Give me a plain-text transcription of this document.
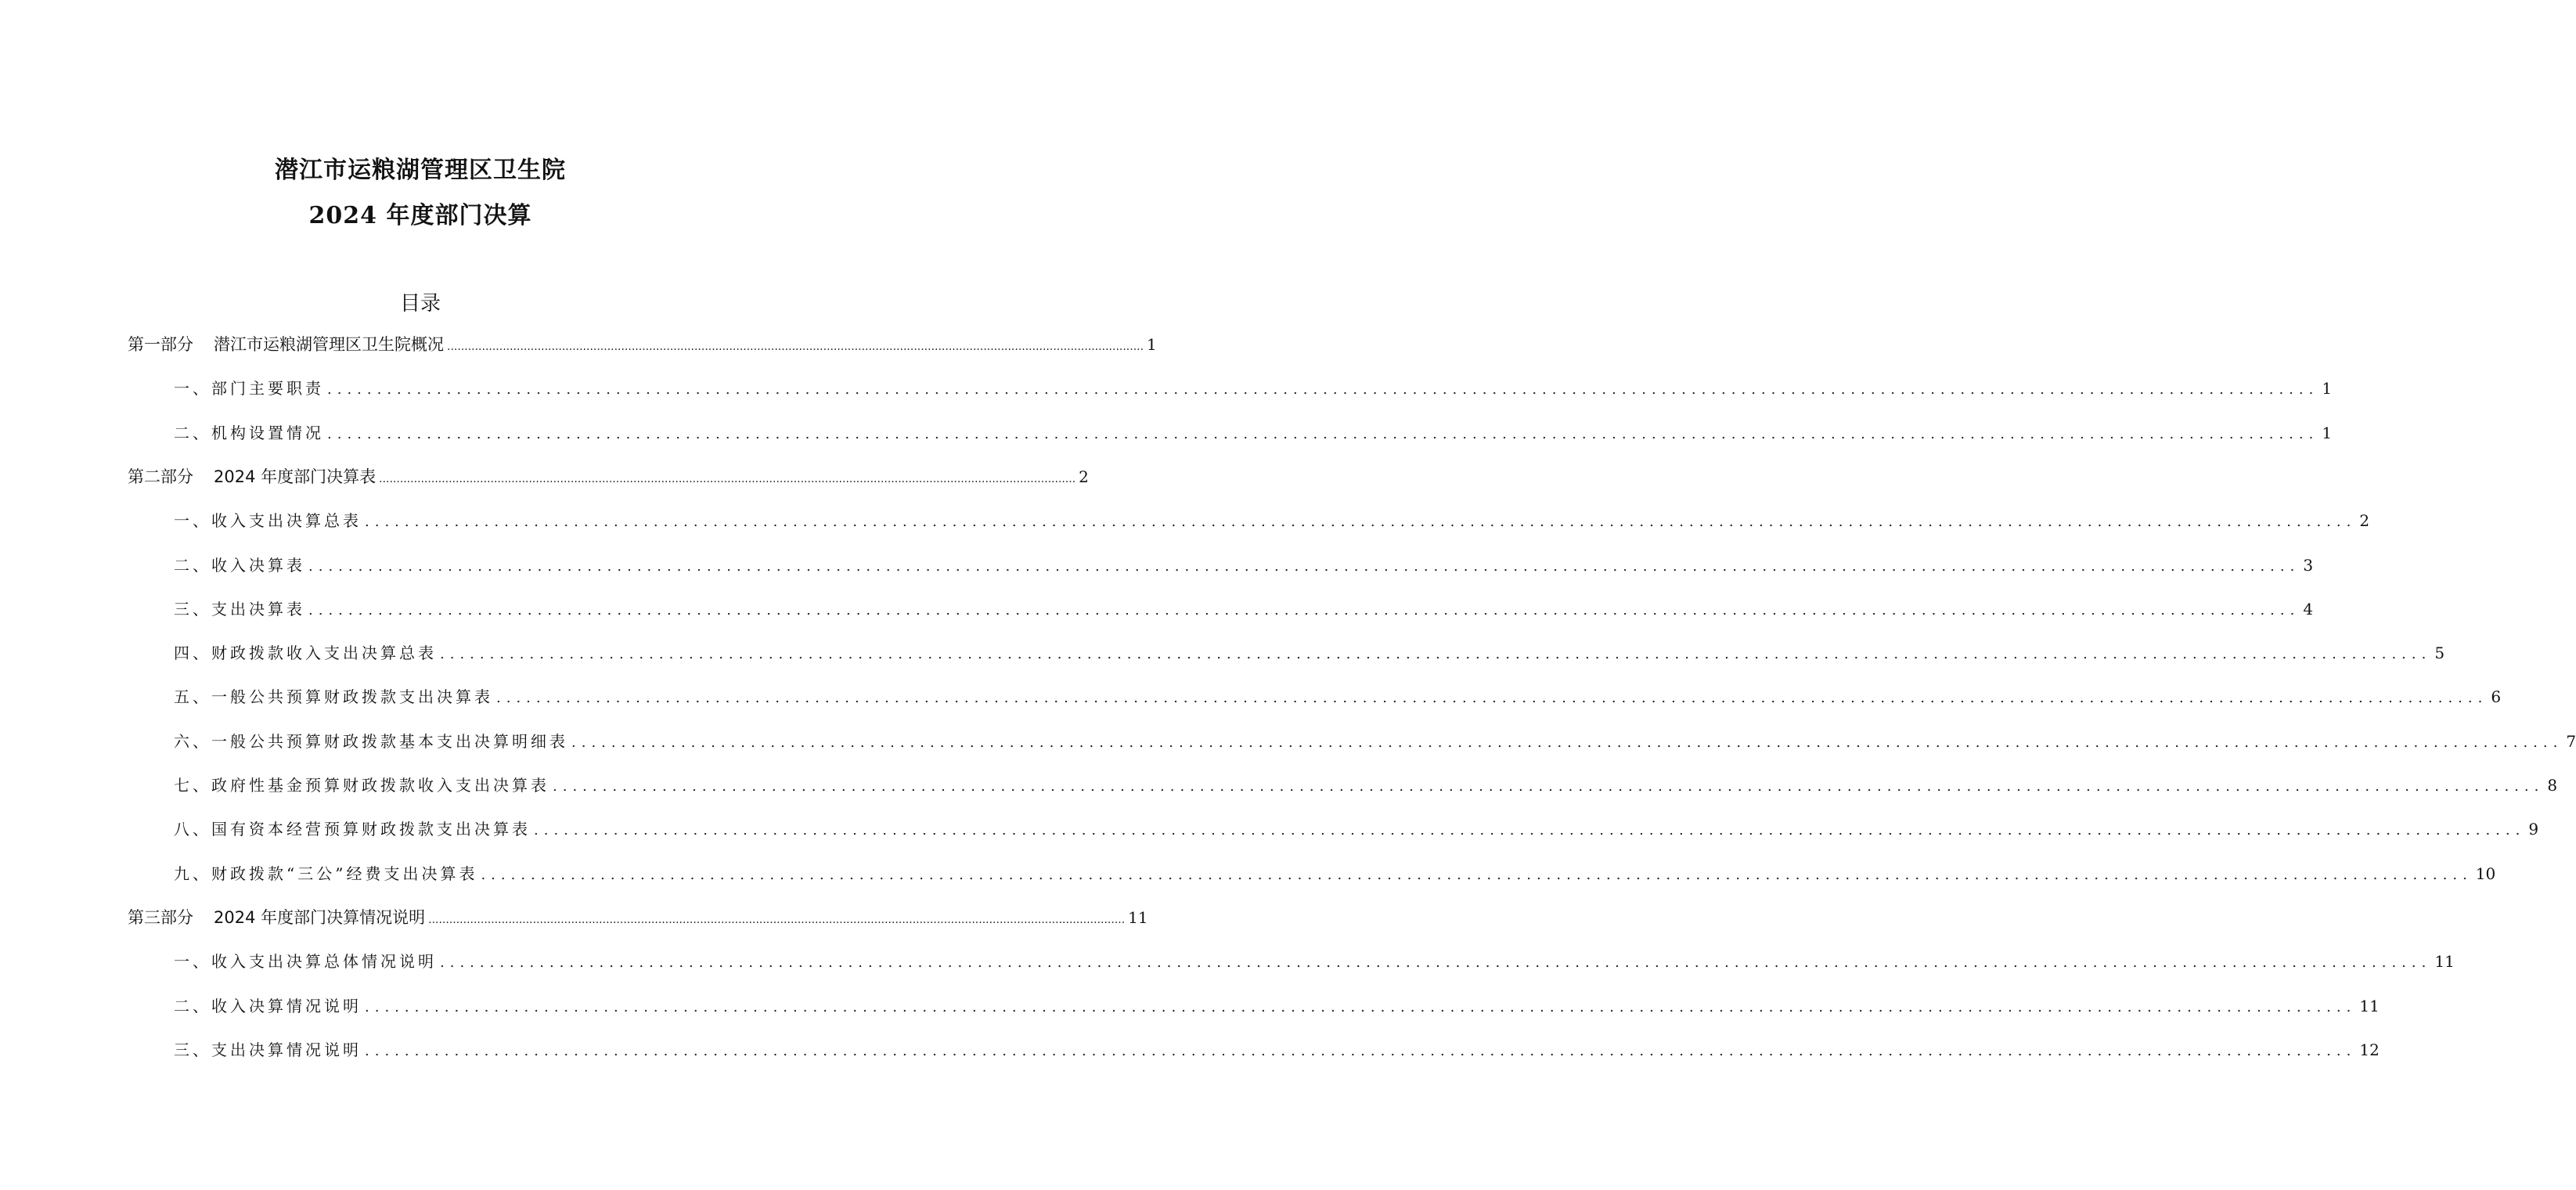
潜江市运粮湖管理区卫生院
2024 年度部门决算
目录
第一部分 潜江市运粮湖管理区卫生院概况 ........................................................................................................................................................................................................ 1
一、部门主要职责 ........................................................................................................................................................................................................ 1
二、机构设置情况 ........................................................................................................................................................................................................ 1
第二部分 2024 年度部门决算表 ........................................................................................................................................................................................................ 2
一、收入支出决算总表 ........................................................................................................................................................................................................ 2
二、收入决算表 ........................................................................................................................................................................................................ 3
三、支出决算表 ........................................................................................................................................................................................................ 4
四、财政拨款收入支出决算总表 ........................................................................................................................................................................................................ 5
五、一般公共预算财政拨款支出决算表 ........................................................................................................................................................................................................ 6
六、一般公共预算财政拨款基本支出决算明细表 ........................................................................................................................................................................................................ 7
七、政府性基金预算财政拨款收入支出决算表 ........................................................................................................................................................................................................ 8
八、国有资本经营预算财政拨款支出决算表 ........................................................................................................................................................................................................ 9
九、财政拨款“三公”经费支出决算表 ........................................................................................................................................................................................................ 10
第三部分 2024 年度部门决算情况说明 ........................................................................................................................................................................................................ 11
一、收入支出决算总体情况说明 ........................................................................................................................................................................................................ 11
二、收入决算情况说明 ........................................................................................................................................................................................................ 11
三、支出决算情况说明 ........................................................................................................................................................................................................ 12
